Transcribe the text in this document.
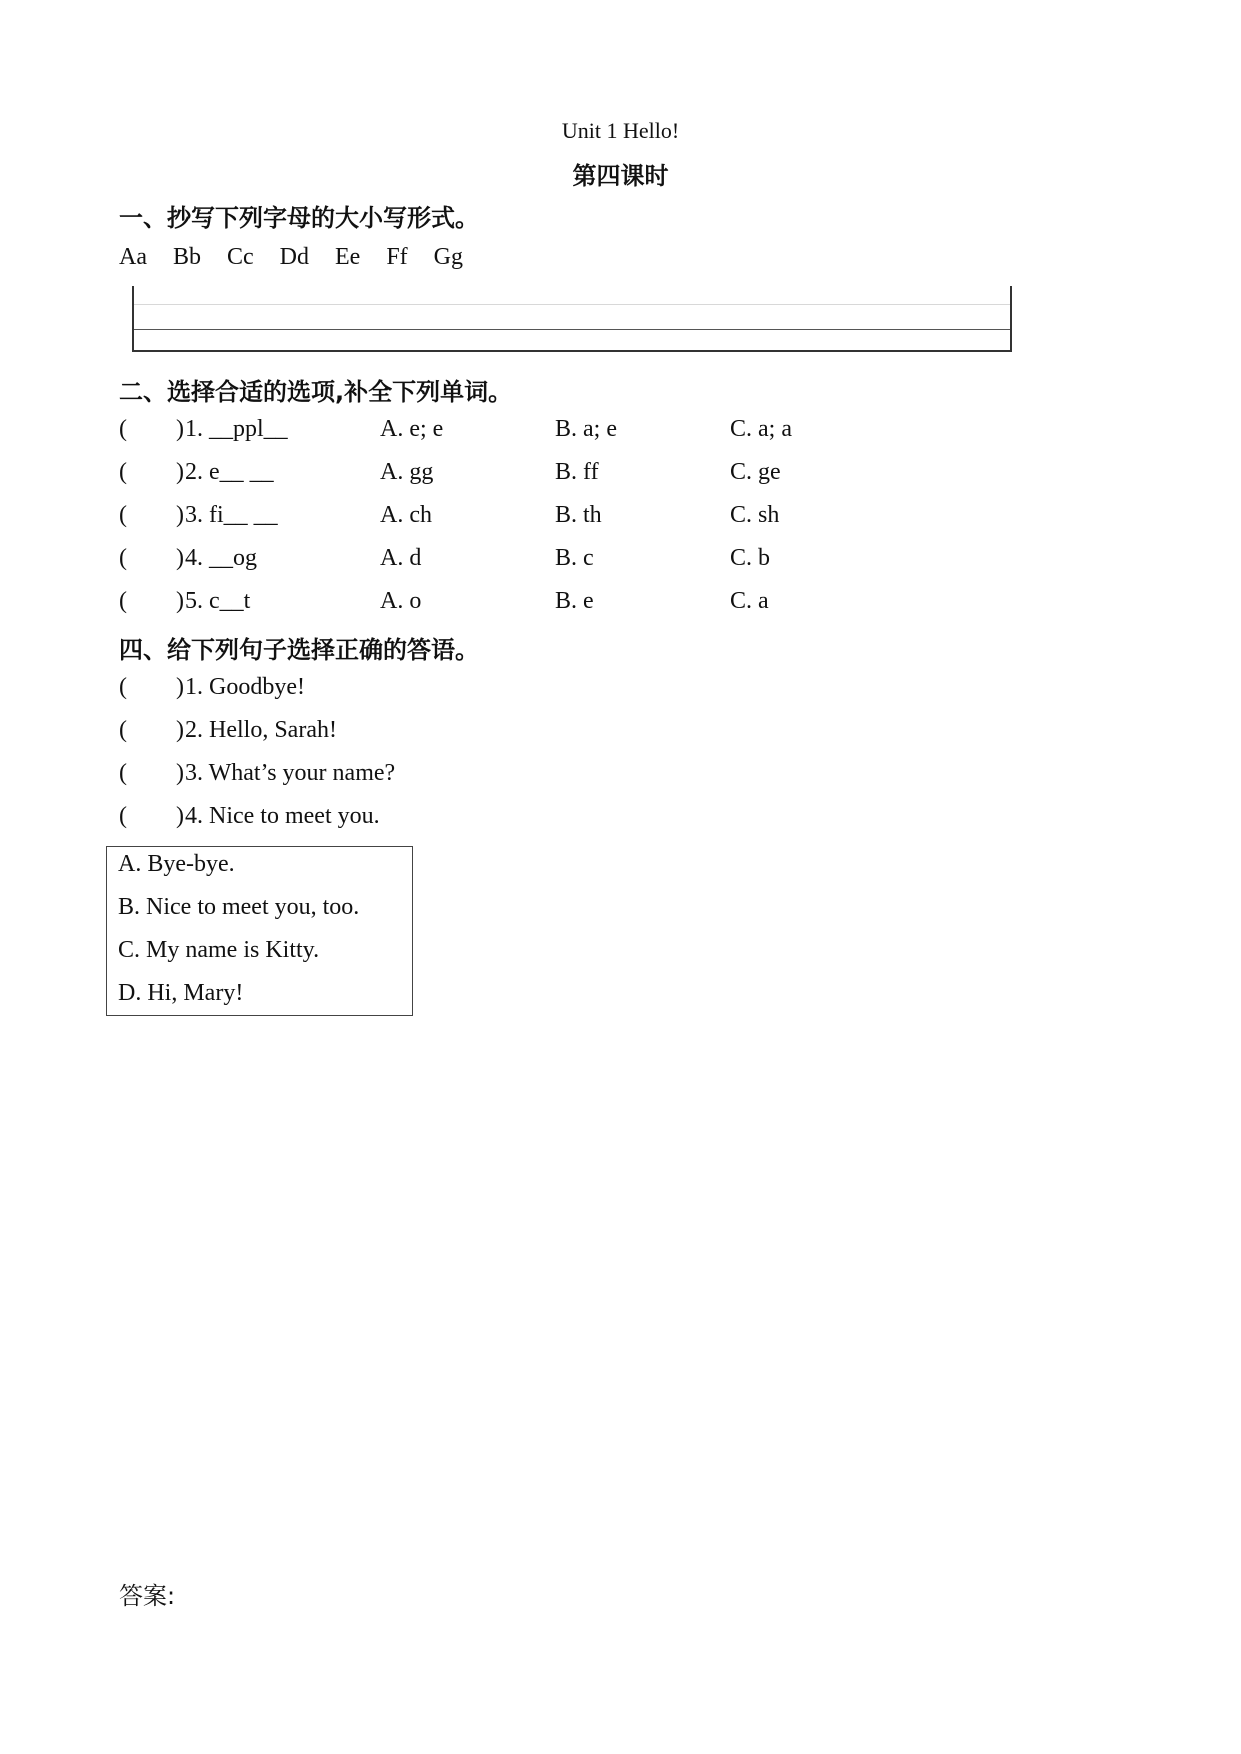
Unit 1 Hello!
第四课时
一、抄写下列字母的大小写形式。
Aa Bb Cc Dd Ee Ff Gg
二、选择合适的选项,补全下列单词。
( ) 1. __ppl__	A. e; e	B. a; e	C. a; a
( ) 2. e__ __	A. gg	B. ff	C. ge
( ) 3. fi__ __	A. ch	B. th	C. sh
( ) 4. __og	A. d	B. c	C. b
( ) 5. c__t	A. o	B. e	C. a
四、给下列句子选择正确的答语。
( ) 1. Goodbye!
( ) 2. Hello, Sarah!
( ) 3. What’s your name?
( ) 4. Nice to meet you.
A. Bye-bye.
B. Nice to meet you, too.
C. My name is Kitty.
D. Hi, Mary!
答案:
